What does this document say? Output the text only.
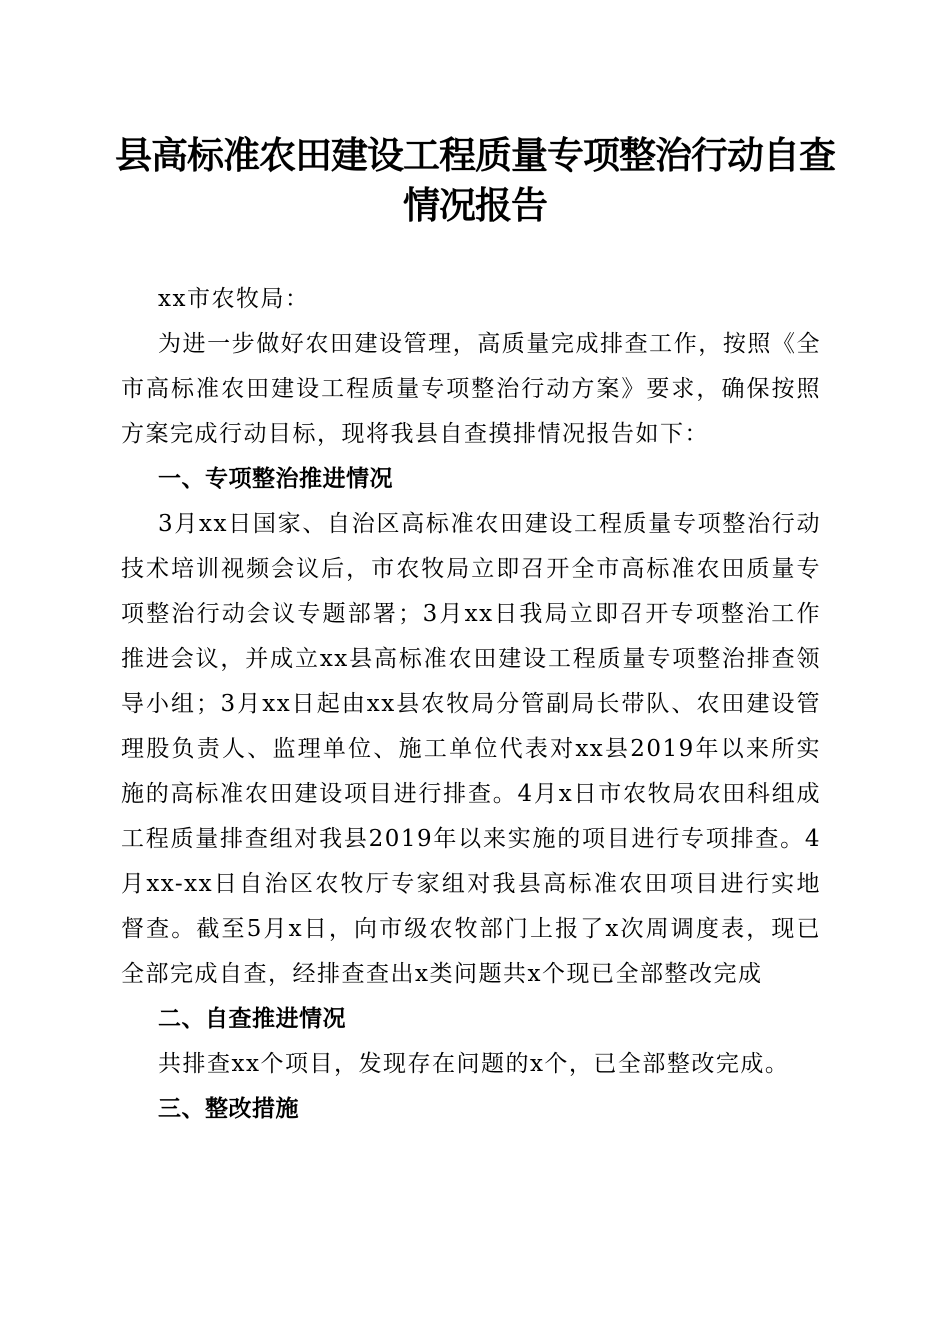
县高标准农田建设工程质量专项整治行动自查
情况报告

xx市农牧局：

为进一步做好农田建设管理，高质量完成排查工作，按照《全市高标准农田建设工程质量专项整治行动方案》要求，确保按照方案完成行动目标，现将我县自查摸排情况报告如下：

一、专项整治推进情况

3月xx日国家、自治区高标准农田建设工程质量专项整治行动技术培训视频会议后，市农牧局立即召开全市高标准农田质量专项整治行动会议专题部署；3月xx日我局立即召开专项整治工作推进会议，并成立xx县高标准农田建设工程质量专项整治排查领导小组；3月xx日起由xx县农牧局分管副局长带队、农田建设管理股负责人、监理单位、施工单位代表对xx县2019年以来所实施的高标准农田建设项目进行排查。4月x日市农牧局农田科组成工程质量排查组对我县2019年以来实施的项目进行专项排查。4月xx-xx日自治区农牧厅专家组对我县高标准农田项目进行实地督查。截至5月x日，向市级农牧部门上报了x次周调度表，现已全部完成自查，经排查查出x类问题共x个现已全部整改完成

二、自查推进情况

共排查xx个项目，发现存在问题的x个，已全部整改完成。

三、整改措施
